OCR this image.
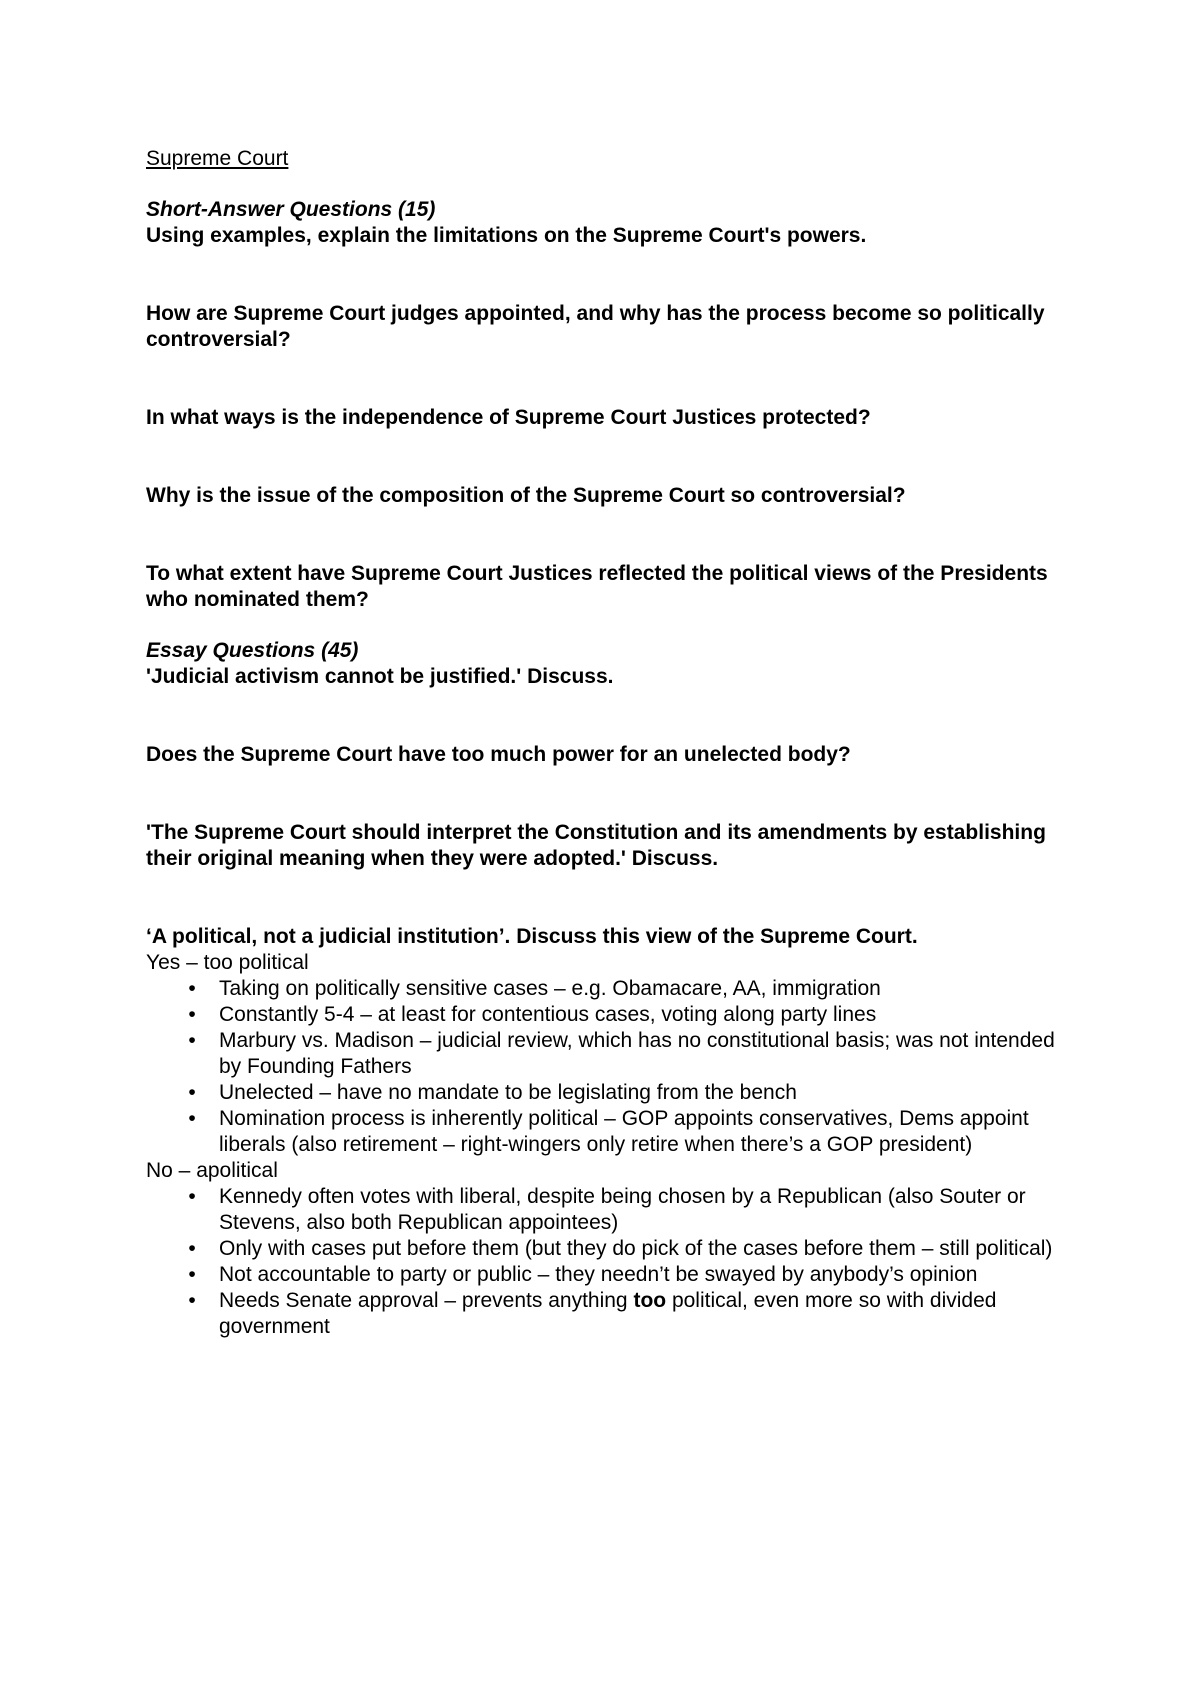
Supreme Court

Short-Answer Questions (15)

Using examples, explain the limitations on the Supreme Court's powers.

How are Supreme Court judges appointed, and why has the process become so politically controversial?

In what ways is the independence of Supreme Court Justices protected?

Why is the issue of the composition of the Supreme Court so controversial?

To what extent have Supreme Court Justices reflected the political views of the Presidents who nominated them?

Essay Questions (45)

'Judicial activism cannot be justified.' Discuss.

Does the Supreme Court have too much power for an unelected body?

'The Supreme Court should interpret the Constitution and its amendments by establishing their original meaning when they were adopted.' Discuss.

‘A political, not a judicial institution’. Discuss this view of the Supreme Court.

Yes – too political

• Taking on politically sensitive cases – e.g. Obamacare, AA, immigration
• Constantly 5-4 – at least for contentious cases, voting along party lines
• Marbury vs. Madison – judicial review, which has no constitutional basis; was not intended by Founding Fathers
• Unelected – have no mandate to be legislating from the bench
• Nomination process is inherently political – GOP appoints conservatives, Dems appoint liberals (also retirement – right-wingers only retire when there’s a GOP president)

No – apolitical

• Kennedy often votes with liberal, despite being chosen by a Republican (also Souter or Stevens, also both Republican appointees)
• Only with cases put before them (but they do pick of the cases before them – still political)
• Not accountable to party or public – they needn’t be swayed by anybody’s opinion
• Needs Senate approval – prevents anything too political, even more so with divided government
